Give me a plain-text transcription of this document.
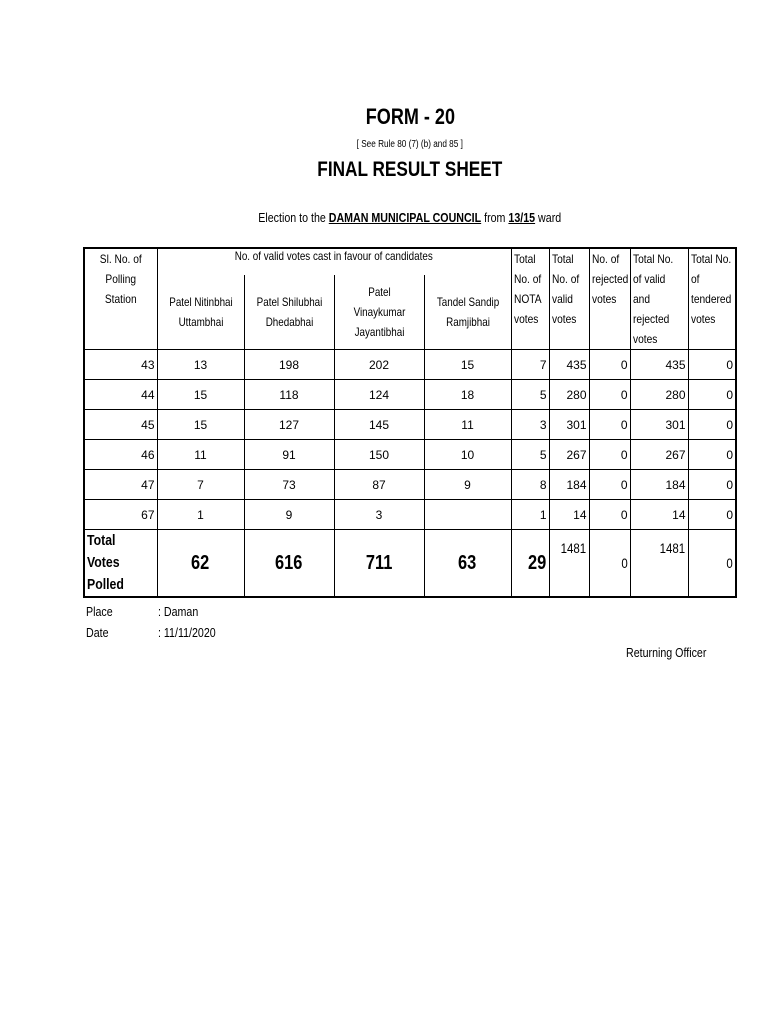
FORM - 20
[ See Rule 80 (7) (b) and 85 ]
FINAL RESULT SHEET
Election to the DAMAN MUNICIPAL COUNCIL from 13/15 ward
Sl. No. of Polling Station	No. of valid votes cast in favour of candidates				Total No. of NOTA votes	Total No. of valid votes	No. of rejected votes	Total No. of valid and rejected votes	Total No. of tendered votes
	Patel Nitinbhai Uttambhai	Patel Shilubhai Dhedabhai	Patel Vinaykumar Jayantibhai	Tandel Sandip Ramjibhai					
43	13	198	202	15	7	435	0	435	0
44	15	118	124	18	5	280	0	280	0
45	15	127	145	11	3	301	0	301	0
46	11	91	150	10	5	267	0	267	0
47	7	73	87	9	8	184	0	184	0
67	1	9	3		1	14	0	14	0
Total Votes Polled	62	616	711	63	29	1481	0	1481	0
Place	: Daman
Date	: 11/11/2020
Returning Officer
